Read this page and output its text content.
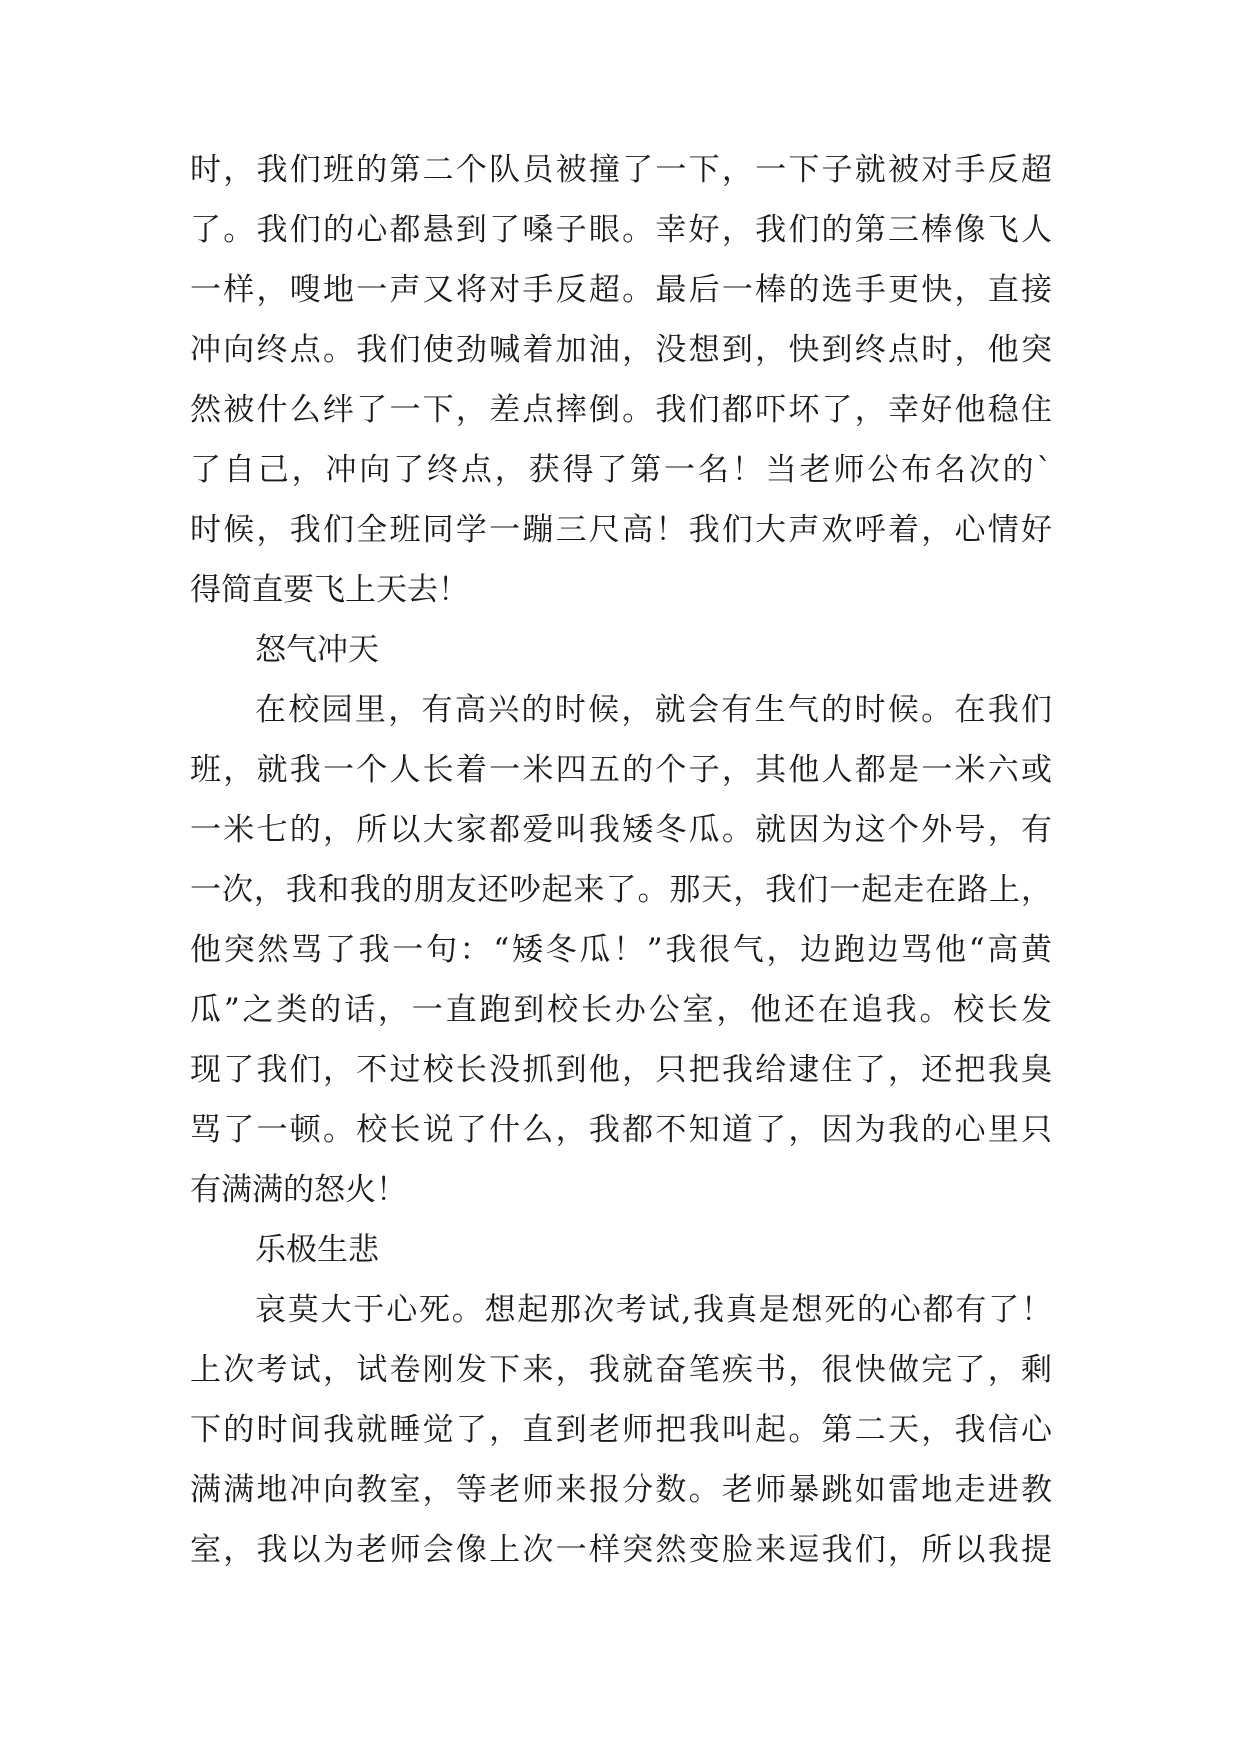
时，我们班的第二个队员被撞了一下，一下子就被对手反超
了。我们的心都悬到了嗓子眼。幸好，我们的第三棒像飞人
一样，嗖地一声又将对手反超。最后一棒的选手更快，直接
冲向终点。我们使劲喊着加油，没想到，快到终点时，他突
然被什么绊了一下，差点摔倒。我们都吓坏了，幸好他稳住
了自己，冲向了终点，获得了第一名！当老师公布名次的`
时候，我们全班同学一蹦三尺高！我们大声欢呼着，心情好
得简直要飞上天去！
怒气冲天
在校园里，有高兴的时候，就会有生气的时候。在我们
班，就我一个人长着一米四五的个子，其他人都是一米六或
一米七的，所以大家都爱叫我矮冬瓜。就因为这个外号，有
一次，我和我的朋友还吵起来了。那天，我们一起走在路上，
他突然骂了我一句：“矮冬瓜！”我很气，边跑边骂他“高黄
瓜”之类的话，一直跑到校长办公室，他还在追我。校长发
现了我们，不过校长没抓到他，只把我给逮住了，还把我臭
骂了一顿。校长说了什么，我都不知道了，因为我的心里只
有满满的怒火！
乐极生悲
哀莫大于心死。想起那次考试,我真是想死的心都有了！
上次考试，试卷刚发下来，我就奋笔疾书，很快做完了，剩
下的时间我就睡觉了，直到老师把我叫起。第二天，我信心
满满地冲向教室，等老师来报分数。老师暴跳如雷地走进教
室，我以为老师会像上次一样突然变脸来逗我们，所以我提
